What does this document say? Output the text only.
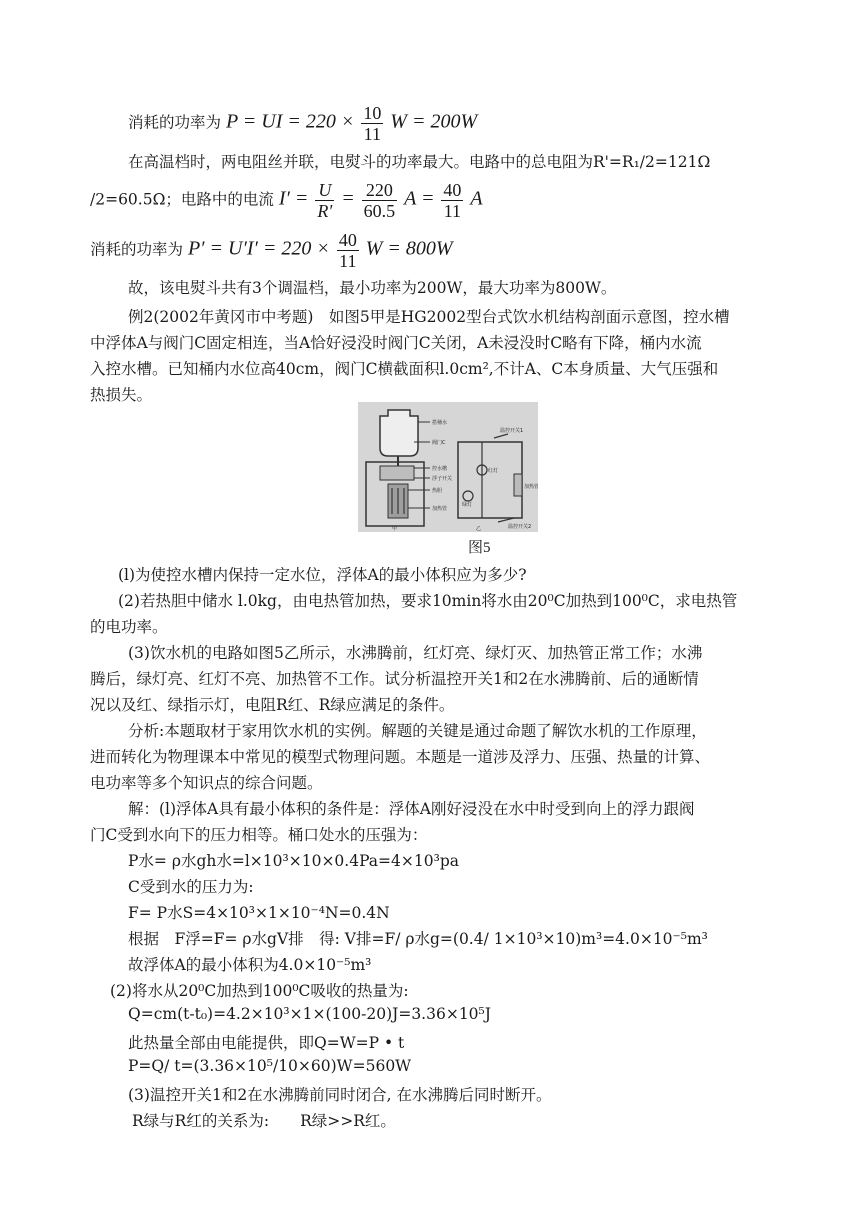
消耗的功率为 P = UI = $220 \times \frac{10}{11}$ W = 200W
在高温档时，两电阻丝并联，电熨斗的功率最大。电路中的总电阻为R'=R₁/2=121Ω
/2=60.5Ω；电路中的电流 $I' = \frac{U}{R'} = \frac{220}{60.5}$ $A = \frac{40}{11}$ A
消耗的功率为 $P' = U'I' = 220 \times \frac{40}{11}$ W = 800W
故，该电熨斗共有3个调温档，最小功率为200W，最大功率为800W。
例2(2002年黄冈市中考题)　如图5甲是HG2002型台式饮水机结构剖面示意图，控水槽
中浮体A与阀门C固定相连，当A恰好浸没时阀门C关闭，A未浸没时C略有下降，桶内水流
入控水槽。已知桶内水位高40cm，阀门C横截面积l.0cm²,不计A、C本身质量、大气压强和
热损失。
搭桶水
阀门C
控水槽
浮子开关
热胆
加热管
温控开关1
红灯
绿灯
加热管
温控开关2
甲	乙
图5
(l)为使控水槽内保持一定水位，浮体A的最小体积应为多少?
(2)若热胆中储水 l.0kg，由电热管加热，要求10min将水由20⁰C加热到100⁰C，求电热管
的电功率。
(3)饮水机的电路如图5乙所示，水沸腾前，红灯亮、绿灯灭、加热管正常工作；水沸
腾后，绿灯亮、红灯不亮、加热管不工作。试分析温控开关1和2在水沸腾前、后的通断情
况以及红、绿指示灯，电阻R红、R绿应满足的条件。
分析:本题取材于家用饮水机的实例。解题的关键是通过命题了解饮水机的工作原理，
进而转化为物理课本中常见的模型式物理问题。本题是一道涉及浮力、压强、热量的计算、
电功率等多个知识点的综合问题。
解：(l)浮体A具有最小体积的条件是：浮体A刚好浸没在水中时受到向上的浮力跟阀
门C受到水向下的压力相等。桶口处水的压强为：
P水= ρ水gh水=l×10³×10×0.4Pa=4×10³pa
C受到水的压力为:
F= P水S=4×10³×1×10⁻⁴N=0.4N
根据　F浮=F= ρ水gV排　得: V排=F/ ρ水g=(0.4/ 1×10³×10)m³=4.0×10⁻⁵m³
故浮体A的最小体积为4.0×10⁻⁵m³
(2)将水从20⁰C加热到100⁰C吸收的热量为:
Q=cm(t-t₀)=4.2×10³×1×(100-20)J=3.36×10⁵J
此热量全部由电能提供，即Q=W=P • t
P=Q/ t=(3.36×10⁵/10×60)W=560W
(3)温控开关1和2在水沸腾前同时闭合, 在水沸腾后同时断开。
R绿与R红的关系为:　　R绿>>R红。
